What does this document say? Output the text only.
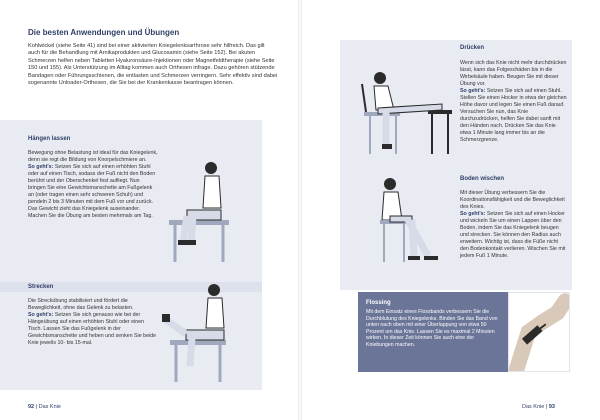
Die besten Anwendungen und Übungen
Kohlwickel (siehe Seite 41) sind bei einer aktivierten Kniegelenksarthrose sehr hilfreich. Das gilt auch für die Behandlung mit Arnikaprodukten und Glucosamin (siehe Seite 152). Bei akuten Schmerzen helfen neben Tabletten Hyaluronsäure-Injektionen oder Magnetfeldtherapie (siehe Seite 150 und 155). Als Unterstützung im Alltag kommen auch Orthesen infrage. Dazu gehören stützende Bandagen oder Führungsschienen, die entlasten und Schmerzen verringern. Sehr effektiv sind dabei sogenannte Unloader-Orthesen, die Sie bei der Krankenkasse beantragen können.
Hängen lassen
Bewegung ohne Belastung ist ideal für das Kniegelenk, denn sie regt die Bildung von Knorpelschmiere an.
So geht's: Setzen Sie sich auf einen erhöhten Stuhl oder auf einen Tisch, sodass der Fuß nicht den Boden berührt und der Oberschenkel fest aufliegt. Nun bringen Sie eine Gewichtsmanschette am Fußgelenk an (oder tragen einen sehr schweren Schuh) und pendeln 2 bis 3 Minuten mit dem Fuß vor und zurück. Das Gewicht zieht das Kniegelenk auseinander. Machen Sie die Übung am besten mehrmals am Tag.
Strecken
Die Streckübung stabilisiert und fördert die Beweglichkeit, ohne das Gelenk zu belasten.
So geht's: Setzen Sie sich genauso wie bei der Hängeübung auf einen erhöhten Stuhl oder einen Tisch. Lassen Sie das Fußgelenk in der Gewichtsmanschette und heben und senken Sie beide Knie jeweils 10- bis 15-mal.
92 | Das Knie
Drücken
Wenn sich das Knie nicht mehr durchdrücken lässt, kann das Folgeschäden bis in die Wirbelsäule haben. Beugen Sie mit dieser Übung vor.
So geht's: Setzen Sie sich auf einen Stuhl. Stellen Sie einen Hocker in etwa der gleichen Höhe davor und legen Sie einen Fuß darauf. Versuchen Sie nun, das Knie durchzudrücken, helfen Sie dabei sanft mit den Händen nach. Drücken Sie das Knie etwa 1 Minute lang immer bis an die Schmerzgrenze.
Boden wischen
Mit dieser Übung verbessern Sie die Koordinationsfähigkeit und die Beweglichkeit des Knies.
So geht's: Setzen Sie sich auf einen Hocker und wickeln Sie um einen Lappen über den Boden, indem Sie das Kniegelenk beugen und strecken. Sie können den Radius auch erweitern. Wichtig ist, dass die Füße nicht den Bodenkontakt verlieren. Wischen Sie mit jedem Fuß 1 Minute.
Flossing
Mit dem Einsatz eines Flossbands verbessern Sie die Durchblutung des Kniegelenks. Binden Sie das Band von unten nach oben mit einer Überlappung von etwa 50 Prozent um das Knie. Lassen Sie es maximal 2 Minuten wirken. In dieser Zeit können Sie auch eine der Kniebungen machen.
Das Knie | 93
